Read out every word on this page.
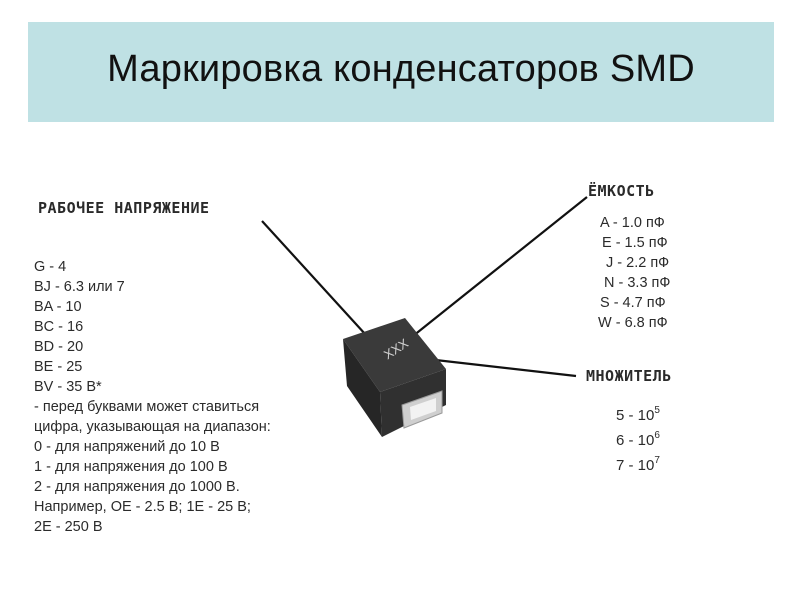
Маркировка конденсаторов SMD
XXX
РАБОЧЕЕ НАПРЯЖЕНИЕ
G - 4
BJ - 6.3 или 7
BA - 10
BC - 16
BD - 20
BE - 25
BV - 35 B*
- перед буквами может ставиться
цифра, указывающая на диапазон:
0 - для напряжений до 10 В
1 - для напряжения до 100 В
2 - для напряжения до 1000 В.
Например, OE - 2.5 В; 1E - 25 В;
2E - 250 В
ЁМКОСТЬ
A - 1.0 пФ
E - 1.5 пФ
J - 2.2 пФ
N - 3.3 пФ
S - 4.7 пФ
W - 6.8 пФ
МНОЖИТЕЛЬ
$5 - 10^5$
$6 - 10^6$
$7 - 10^7$
